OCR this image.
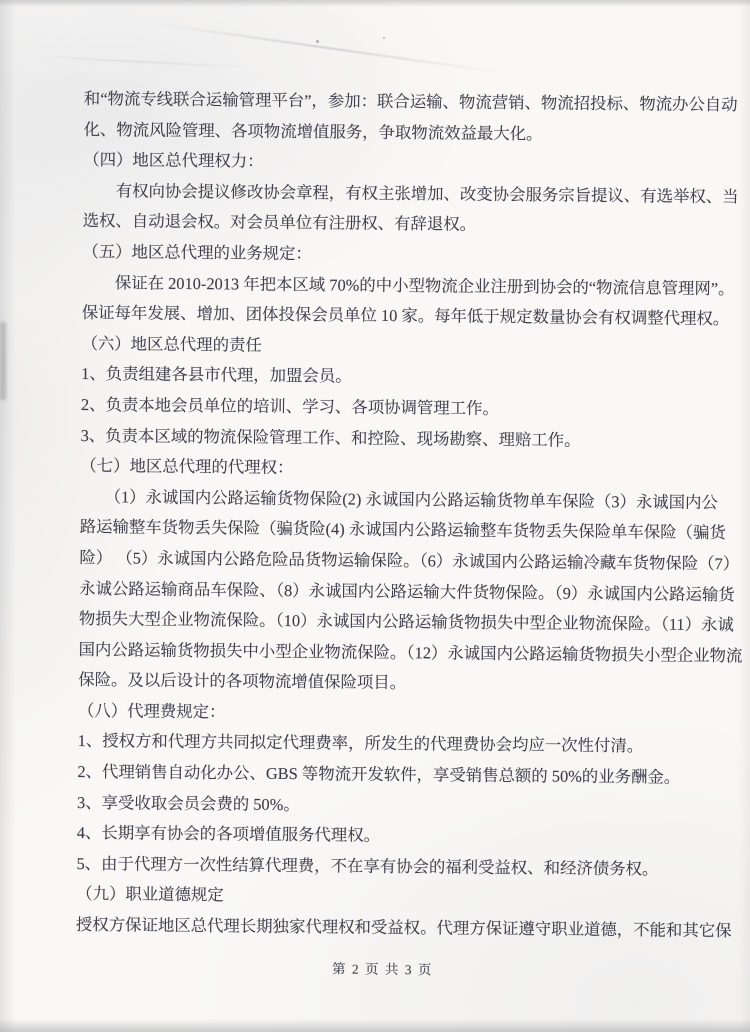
和“物流专线联合运输管理平台”，参加：联合运输、物流营销、物流招投标、物流办公自动
化、物流风险管理、各项物流增值服务，争取物流效益最大化。
（四）地区总代理权力：
　　有权向协会提议修改协会章程，有权主张增加、改变协会服务宗旨提议、有选举权、当
选权、自动退会权。对会员单位有注册权、有辞退权。
（五）地区总代理的业务规定：
　　保证在 2010-2013 年把本区域 70%的中小型物流企业注册到协会的“物流信息管理网”。
保证每年发展、增加、团体投保会员单位 10 家。每年低于规定数量协会有权调整代理权。
（六）地区总代理的责任
1、负责组建各县市代理，加盟会员。
2、负责本地会员单位的培训、学习、各项协调管理工作。
3、负责本区域的物流保险管理工作、和控险、现场勘察、理赔工作。
（七）地区总代理的代理权：
　　（1）永诚国内公路运输货物保险(2) 永诚国内公路运输货物单车保险（3）永诚国内公
路运输整车货物丢失保险（骗货险(4) 永诚国内公路运输整车货物丢失保险单车保险（骗货
险） （5）永诚国内公路危险品货物运输保险。（6）永诚国内公路运输冷藏车货物保险（7）
永诚公路运输商品车保险、（8）永诚国内公路运输大件货物保险。（9）永诚国内公路运输货
物损失大型企业物流保险。（10）永诚国内公路运输货物损失中型企业物流保险。（11）永诚
国内公路运输货物损失中小型企业物流保险。（12）永诚国内公路运输货物损失小型企业物流
保险。及以后设计的各项物流增值保险项目。
（八）代理费规定：
1、授权方和代理方共同拟定代理费率，所发生的代理费协会均应一次性付清。
2、代理销售自动化办公、GBS 等物流开发软件，享受销售总额的 50%的业务酬金。
3、享受收取会员会费的 50%。
4、长期享有协会的各项增值服务代理权。
5、由于代理方一次性结算代理费，不在享有协会的福利受益权、和经济债务权。
（九）职业道德规定
授权方保证地区总代理长期独家代理权和受益权。代理方保证遵守职业道德，不能和其它保
第 2 页 共 3 页
